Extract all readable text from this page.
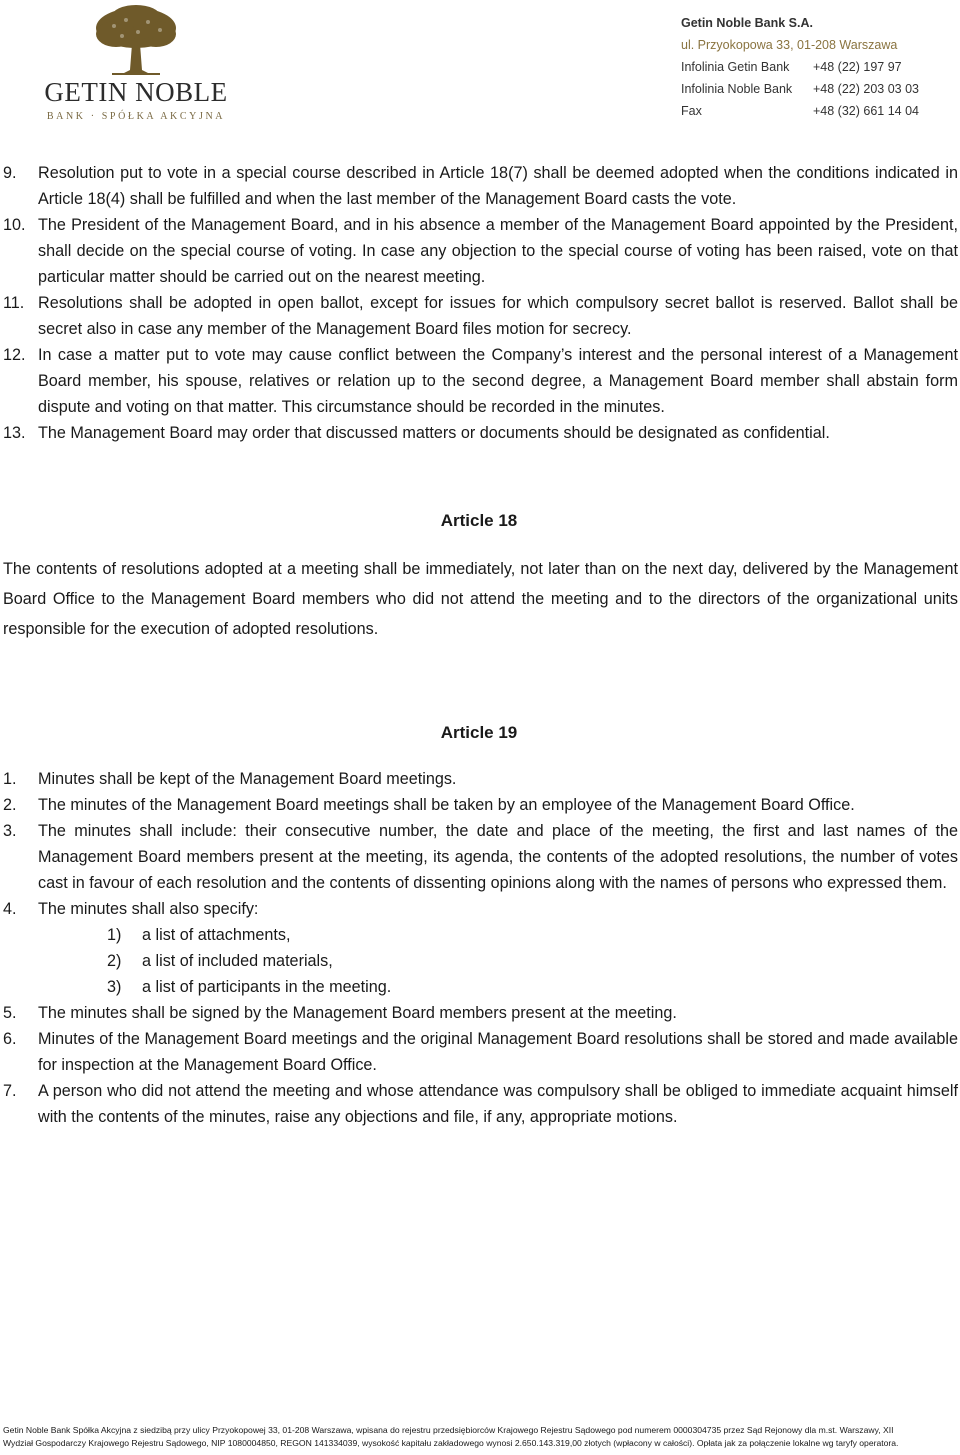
GETIN NOBLE
BANK · SPÓŁKA AKCYJNA
Getin Noble Bank S.A.
ul. Przyokopowa 33, 01-208 Warszawa
Infolinia Getin Bank	+48 (22) 197 97
Infolinia Noble Bank	+48 (22) 203 03 03
Fax	+48 (32) 661 14 04
9.	Resolution put to vote in a special course described in Article 18(7) shall be deemed adopted when the conditions indicated in Article 18(4) shall be fulfilled and when the last member of the Management Board casts the vote.
10. The President of the Management Board, and in his absence a member of the Management Board appointed by the President, shall decide on the special course of voting. In case any objection to the special course of voting has been raised, vote on that particular matter should be carried out on the nearest meeting.
11. Resolutions shall be adopted in open ballot, except for issues for which compulsory secret ballot is reserved. Ballot shall be secret also in case any member of the Management Board files motion for secrecy.
12. In case a matter put to vote may cause conflict between the Company’s interest and the personal interest of a Management Board member, his spouse, relatives or relation up to the second degree, a Management Board member shall abstain form dispute and voting on that matter. This circumstance should be recorded in the minutes.
13. The Management Board may order that discussed matters or documents should be designated as confidential.
Article 18
The contents of resolutions adopted at a meeting shall be immediately, not later than on the next day, delivered by the Management Board Office to the Management Board members who did not attend the meeting and to the directors of the organizational units responsible for the execution of adopted resolutions.
Article 19
1.	Minutes shall be kept of the Management Board meetings.
2.	The minutes of the Management Board meetings shall be taken by an employee of the Management Board Office.
3.	The minutes shall include: their consecutive number, the date and place of the meeting, the first and last names of the Management Board members present at the meeting, its agenda, the contents of the adopted resolutions, the number of votes cast in favour of each resolution and the contents of dissenting opinions along with the names of persons who expressed them.
4.	The minutes shall also specify:
1)	a list of attachments,
2)	a list of included materials,
3)	a list of participants in the meeting.
5.	The minutes shall be signed by the Management Board members present at the meeting.
6.	Minutes of the Management Board meetings and the original Management Board resolutions shall be stored and made available for inspection at the Management Board Office.
7.	A person who did not attend the meeting and whose attendance was compulsory shall be obliged to immediate acquaint himself with the contents of the minutes, raise any objections and file, if any, appropriate motions.
Getin Noble Bank Spółka Akcyjna z siedzibą przy ulicy Przyokopowej 33, 01-208 Warszawa, wpisana do rejestru przedsiębiorców Krajowego Rejestru Sądowego pod numerem 0000304735 przez Sąd Rejonowy dla m.st. Warszawy, XII
Wydział Gospodarczy Krajowego Rejestru Sądowego, NIP 1080004850, REGON 141334039, wysokość kapitału zakładowego wynosi 2.650.143.319,00 złotych (wpłacony w całości). Opłata jak za połączenie lokalne wg taryfy operatora.
